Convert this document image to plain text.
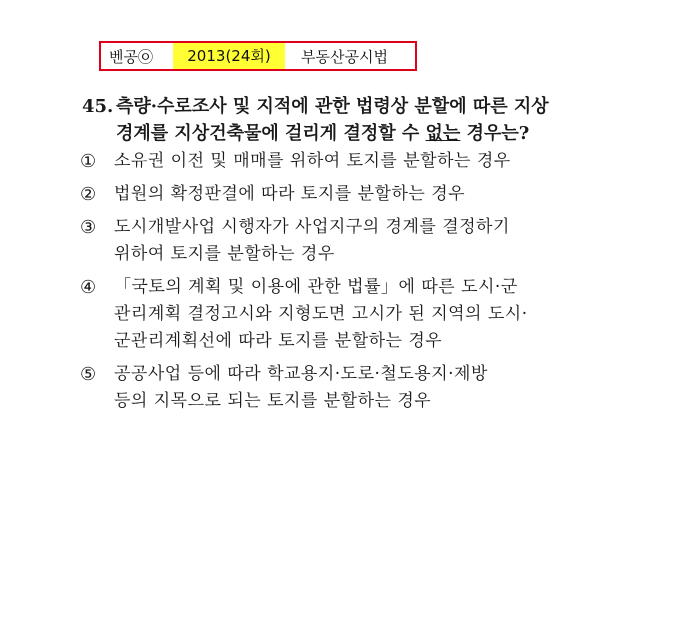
벤공㉧	2013(24회)	부동산공시법
45. 측량·수로조사 및 지적에 관한 법령상 분할에 따른 지상
경계를 지상건축물에 걸리게 결정할 수 없는 경우는?
① 소유권 이전 및 매매를 위하여 토지를 분할하는 경우
② 법원의 확정판결에 따라 토지를 분할하는 경우
③ 도시개발사업 시행자가 사업지구의 경계를 결정하기
위하여 토지를 분할하는 경우
④ 「국토의 계획 및 이용에 관한 법률」에 따른 도시·군
관리계획 결정고시와 지형도면 고시가 된 지역의 도시·
군관리계획선에 따라 토지를 분할하는 경우
⑤ 공공사업 등에 따라 학교용지·도로·철도용지·제방
등의 지목으로 되는 토지를 분할하는 경우
